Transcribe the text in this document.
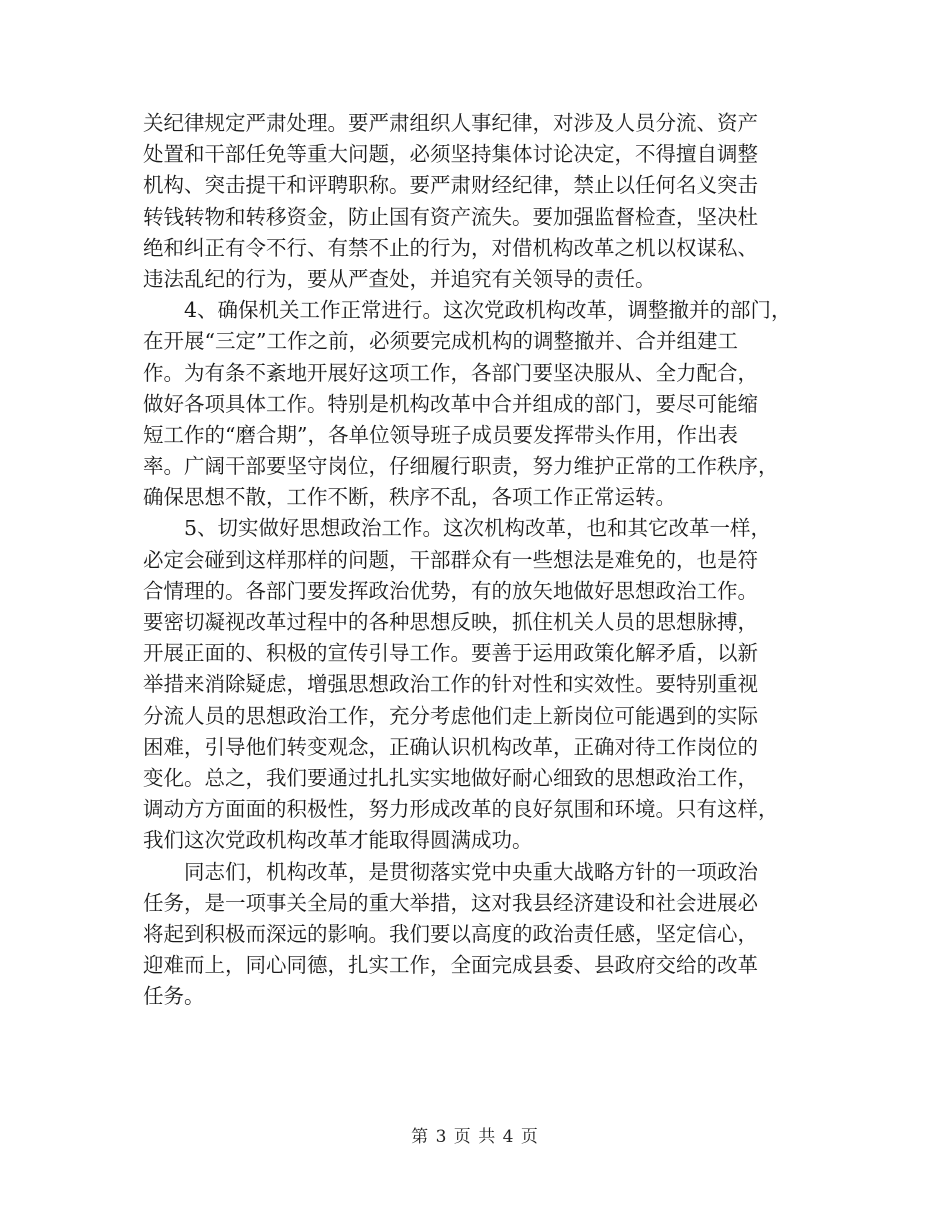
关纪律规定严肃处理。要严肃组织人事纪律，对涉及人员分流、资产
处置和干部任免等重大问题，必须坚持集体讨论决定，不得擅自调整
机构、突击提干和评聘职称。要严肃财经纪律，禁止以任何名义突击
转钱转物和转移资金，防止国有资产流失。要加强监督检查，坚决杜
绝和纠正有令不行、有禁不止的行为，对借机构改革之机以权谋私、
违法乱纪的行为，要从严查处，并追究有关领导的责任。
4、确保机关工作正常进行。这次党政机构改革，调整撤并的部门，
在开展“三定”工作之前，必须要完成机构的调整撤并、合并组建工
作。为有条不紊地开展好这项工作，各部门要坚决服从、全力配合，
做好各项具体工作。特别是机构改革中合并组成的部门，要尽可能缩
短工作的“磨合期”，各单位领导班子成员要发挥带头作用，作出表
率。广阔干部要坚守岗位，仔细履行职责，努力维护正常的工作秩序，
确保思想不散，工作不断，秩序不乱，各项工作正常运转。
5、切实做好思想政治工作。这次机构改革，也和其它改革一样，
必定会碰到这样那样的问题，干部群众有一些想法是难免的，也是符
合情理的。各部门要发挥政治优势，有的放矢地做好思想政治工作。
要密切凝视改革过程中的各种思想反映，抓住机关人员的思想脉搏，
开展正面的、积极的宣传引导工作。要善于运用政策化解矛盾，以新
举措来消除疑虑，增强思想政治工作的针对性和实效性。要特别重视
分流人员的思想政治工作，充分考虑他们走上新岗位可能遇到的实际
困难，引导他们转变观念，正确认识机构改革，正确对待工作岗位的
变化。总之，我们要通过扎扎实实地做好耐心细致的思想政治工作，
调动方方面面的积极性，努力形成改革的良好氛围和环境。只有这样，
我们这次党政机构改革才能取得圆满成功。
同志们，机构改革，是贯彻落实党中央重大战略方针的一项政治
任务，是一项事关全局的重大举措，这对我县经济建设和社会进展必
将起到积极而深远的影响。我们要以高度的政治责任感，坚定信心，
迎难而上，同心同德，扎实工作，全面完成县委、县政府交给的改革
任务。
第 3 页 共 4 页
